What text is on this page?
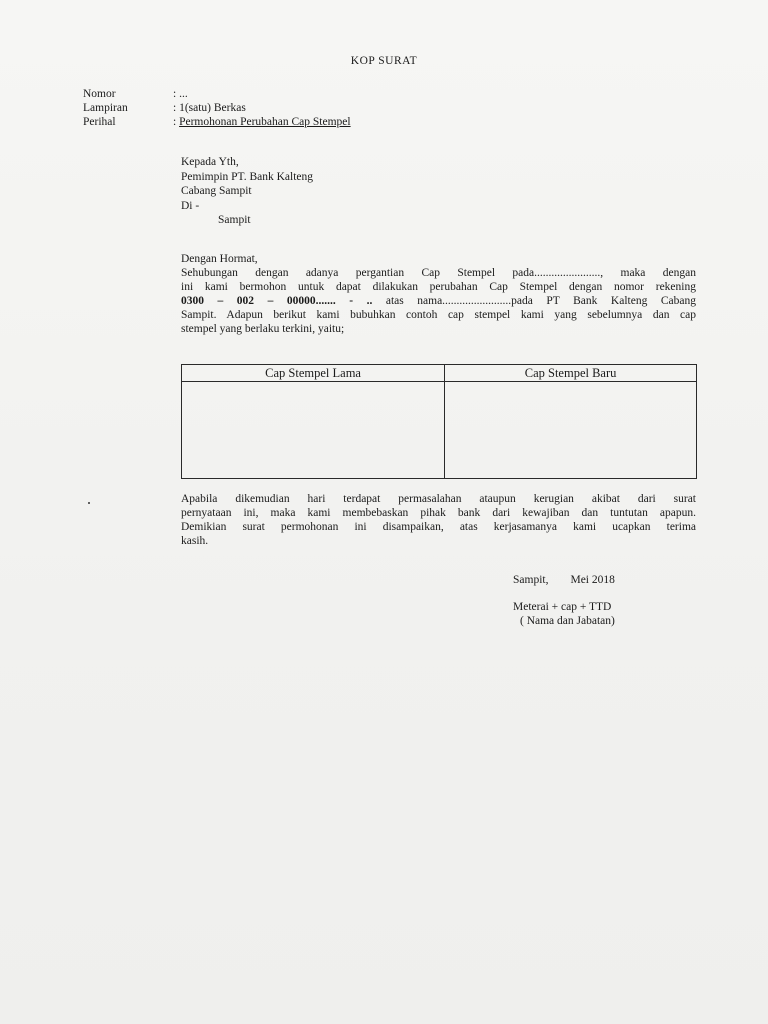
KOP SURAT
Nomor	: ...
Lampiran	: 1(satu) Berkas
Perihal	: Permohonan Perubahan Cap Stempel
Kepada Yth,
Pemimpin PT. Bank Kalteng
Cabang Sampit
Di -
Sampit

Dengan Hormat,

Sehubungan dengan adanya pergantian Cap Stempel pada......................., maka dengan

ini kami bermohon untuk dapat dilakukan perubahan Cap Stempel dengan nomor rekening

0300 – 002 – 00000....... - .. atas nama........................pada PT Bank Kalteng Cabang

Sampit. Adapun berikut kami bubuhkan contoh cap stempel kami yang sebelumnya dan cap

stempel yang berlaku terkini, yaitu;

Cap Stempel Lama	Cap Stempel Baru

Apabila dikemudian hari terdapat permasalahan ataupun kerugian akibat dari surat

pernyataan ini, maka kami membebaskan pihak bank dari kewajiban dan tuntutan apapun.

Demikian surat permohonan ini disampaikan, atas kerjasamanya kami ucapkan terima

kasih.

Sampit, Mei 2018
Meterai + cap + TTD
( Nama dan Jabatan)
